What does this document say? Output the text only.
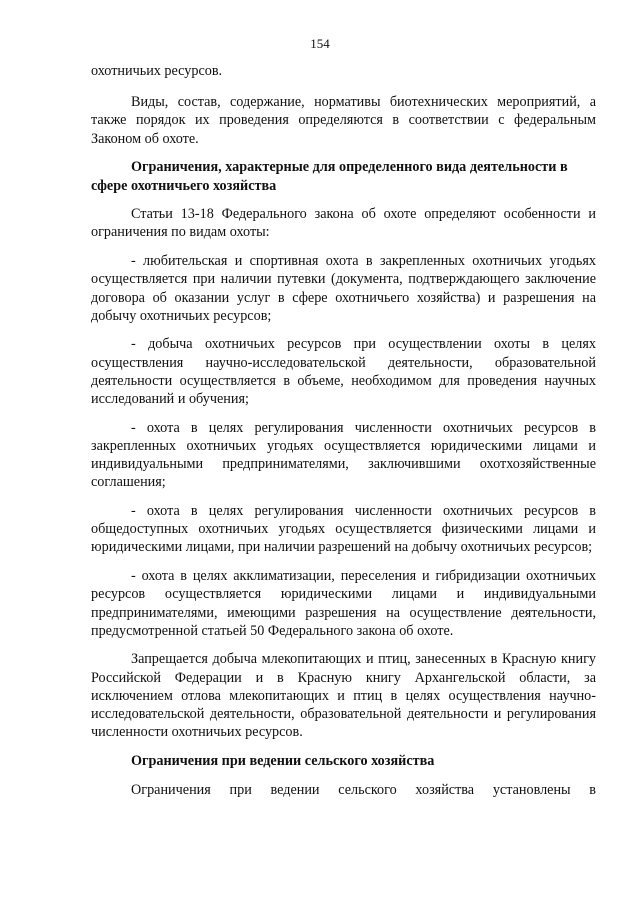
154

охотничьих ресурсов.

Виды, состав, содержание, нормативы биотехнических мероприятий, а также порядок их проведения определяются в соответствии с федеральным Законом об охоте.

Ограничения, характерные для определенного вида деятельности в сфере охотничьего хозяйства

Статьи 13-18 Федерального закона об охоте определяют особенности и ограничения по видам охоты:

- любительская и спортивная охота в закрепленных охотничьих угодьях осуществляется при наличии путевки (документа, подтверждающего заключение договора об оказании услуг в сфере охотничьего хозяйства) и разрешения на добычу охотничьих ресурсов;

- добыча охотничьих ресурсов при осуществлении охоты в целях осуществления научно-исследовательской деятельности, образовательной деятельности осуществляется в объеме, необходимом для проведения научных исследований и обучения;

- охота в целях регулирования численности охотничьих ресурсов в закрепленных охотничьих угодьях осуществляется юридическими лицами и индивидуальными предпринимателями, заключившими охотхозяйственные соглашения;

- охота в целях регулирования численности охотничьих ресурсов в общедоступных охотничьих угодьях осуществляется физическими лицами и юридическими лицами, при наличии разрешений на добычу охотничьих ресурсов;

- охота в целях акклиматизации, переселения и гибридизации охотничьих ресурсов осуществляется юридическими лицами и индивидуальными предпринимателями, имеющими разрешения на осуществление деятельности, предусмотренной статьей 50 Федерального закона об охоте.

Запрещается добыча млекопитающих и птиц, занесенных в Красную книгу Российской Федерации и в Красную книгу Архангельской области, за исключением отлова млекопитающих и птиц в целях осуществления научно-исследовательской деятельности, образовательной деятельности и регулирования численности охотничьих ресурсов.

Ограничения при ведении сельского хозяйства

Ограничения при ведении сельского хозяйства установлены в
